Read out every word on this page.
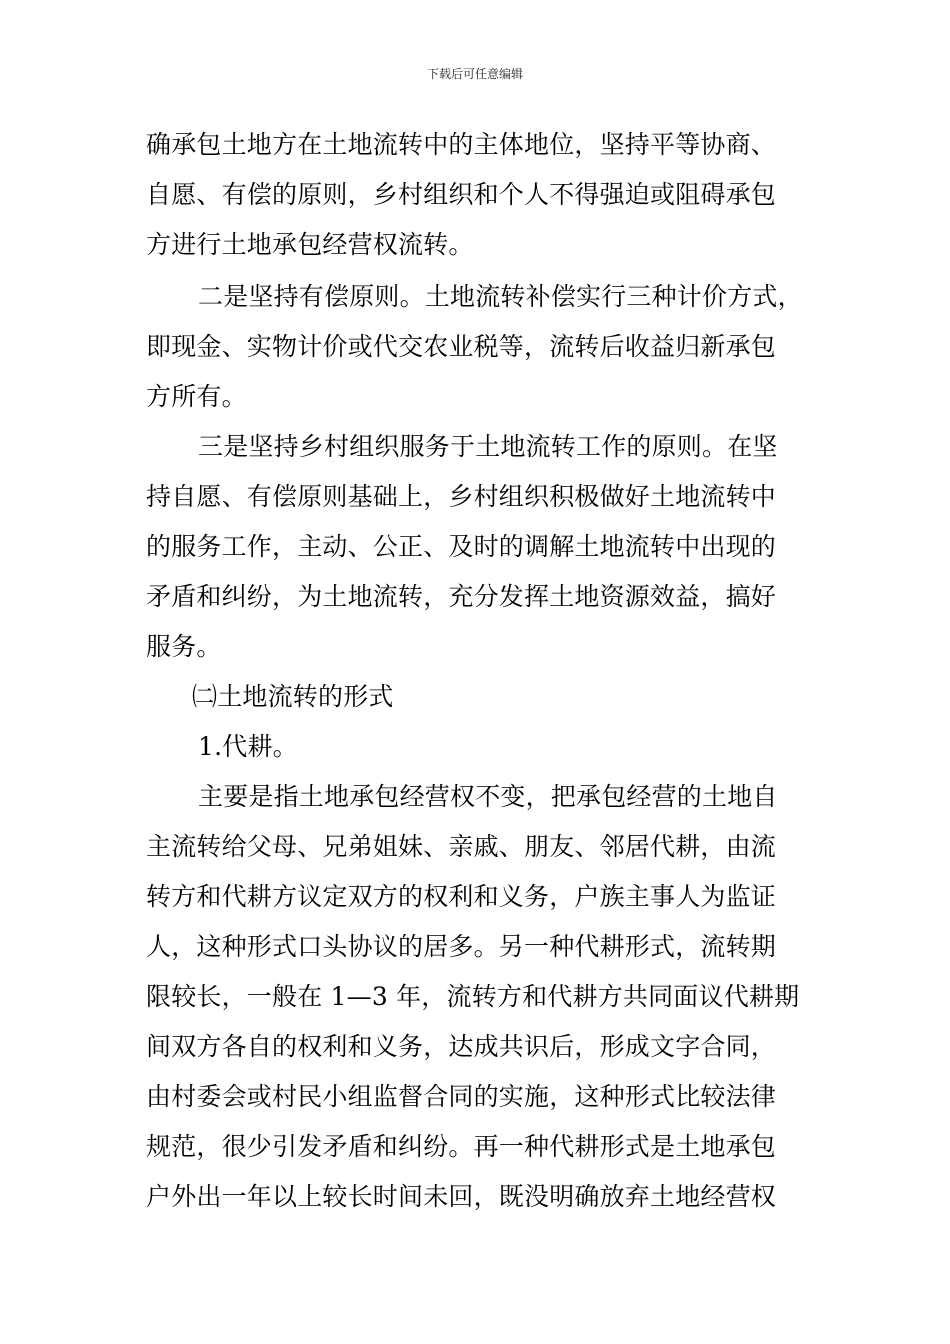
下载后可任意编辑
确承包土地方在土地流转中的主体地位，坚持平等协商、
自愿、有偿的原则，乡村组织和个人不得强迫或阻碍承包
方进行土地承包经营权流转。
二是坚持有偿原则。土地流转补偿实行三种计价方式，
即现金、实物计价或代交农业税等，流转后收益归新承包
方所有。
三是坚持乡村组织服务于土地流转工作的原则。在坚
持自愿、有偿原则基础上，乡村组织积极做好土地流转中
的服务工作，主动、公正、及时的调解土地流转中出现的
矛盾和纠纷，为土地流转，充分发挥土地资源效益，搞好
服务。
㈡土地流转的形式
1.代耕。
主要是指土地承包经营权不变，把承包经营的土地自
主流转给父母、兄弟姐妹、亲戚、朋友、邻居代耕，由流
转方和代耕方议定双方的权利和义务，户族主事人为监证
人，这种形式口头协议的居多。另一种代耕形式，流转期
限较长，一般在 1—3 年，流转方和代耕方共同面议代耕期
间双方各自的权利和义务，达成共识后，形成文字合同，
由村委会或村民小组监督合同的实施，这种形式比较法律
规范，很少引发矛盾和纠纷。再一种代耕形式是土地承包
户外出一年以上较长时间未回，既没明确放弃土地经营权
